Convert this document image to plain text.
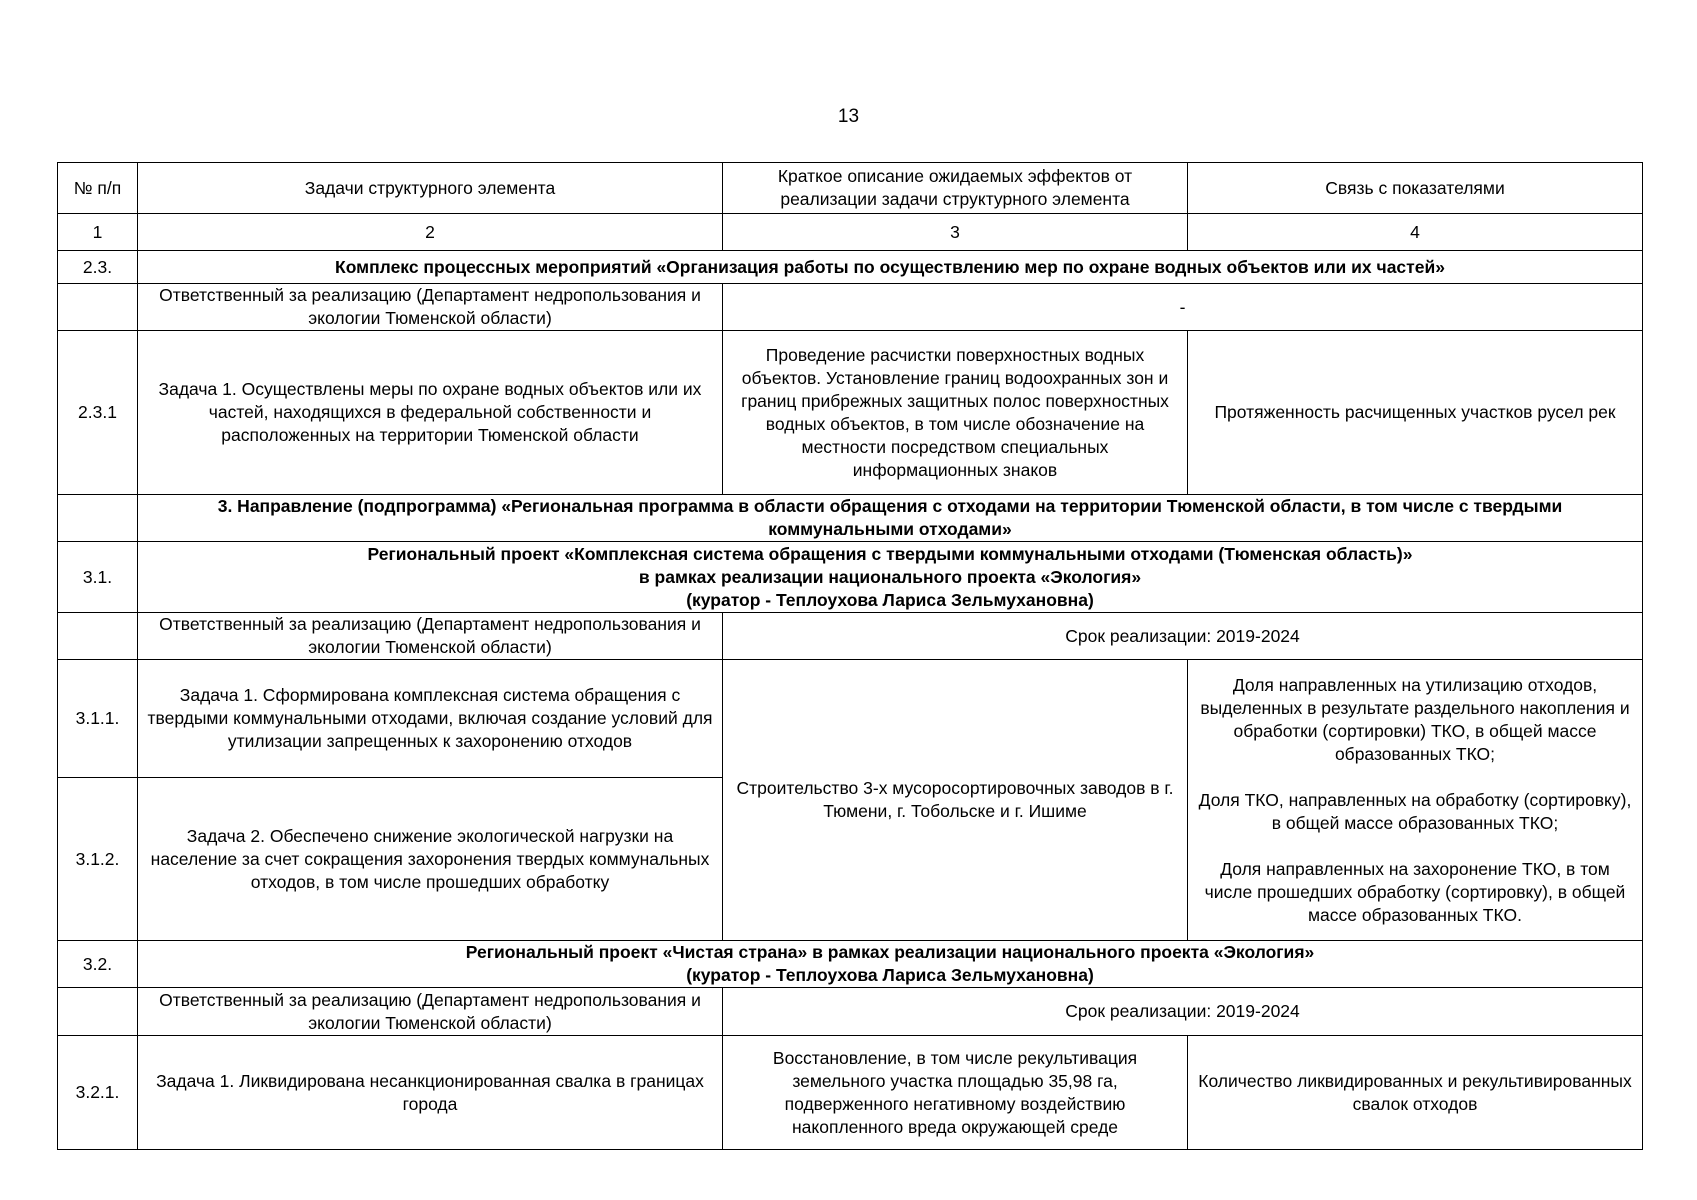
13
№ п/п	Задачи структурного элемента	Краткое описание ожидаемых эффектов от реализации задачи структурного элемента	Связь с показателями
1	2	3	4
2.3.	Комплекс процессных мероприятий «Организация работы по осуществлению мер по охране водных объектов или их частей»		
	Ответственный за реализацию (Департамент недропользования и экологии Тюменской области)	-	
2.3.1	Задача 1. Осуществлены меры по охране водных объектов или их частей, находящихся в федеральной собственности и расположенных на территории Тюменской области	Проведение расчистки поверхностных водных объектов. Установление границ водоохранных зон и границ прибрежных защитных полос поверхностных водных объектов, в том числе обозначение на местности посредством специальных информационных знаков	Протяженность расчищенных участков русел рек
	3. Направление (подпрограмма) «Региональная программа в области обращения с отходами на территории Тюменской области, в том числе с твердыми коммунальными отходами»		
3.1.	Региональный проект «Комплексная система обращения с твердыми коммунальными отходами (Тюменская область)»
в рамках реализации национального проекта «Экология»
(куратор - Теплоухова Лариса Зельмухановна)		

	Ответственный за реализацию (Департамент недропользования и экологии Тюменской области)	Срок реализации: 2019-2024	
3.1.1.	Задача 1. Сформирована комплексная система обращения с твердыми коммунальными отходами, включая создание условий для утилизации запрещенных к захоронению отходов	Строительство 3-х мусоросортировочных заводов в г. Тюмени, г. Тобольске и г. Ишиме	Доля направленных на утилизацию отходов, выделенных в результате раздельного накопления и обработки (сортировки) ТКО, в общей массе образованных ТКО;
Доля ТКО, направленных на обработку (сортировку), в общей массе образованных ТКО;
Доля направленных на захоронение ТКО, в том числе прошедших обработку (сортировку), в общей массе образованных ТКО.

3.1.2.	Задача 2. Обеспечено снижение экологической нагрузки на население за счет сокращения захоронения твердых коммунальных отходов, в том числе прошедших обработку		
3.2.	Региональный проект «Чистая страна» в рамках реализации национального проекта «Экология»
(куратор - Теплоухова Лариса Зельмухановна)		

	Ответственный за реализацию (Департамент недропользования и экологии Тюменской области)	Срок реализации: 2019-2024	
3.2.1.	Задача 1. Ликвидирована несанкционированная свалка в границах города	Восстановление, в том числе рекультивация земельного участка площадью 35,98 га, подверженного негативному воздействию накопленного вреда окружающей среде	Количество ликвидированных и рекультивированных свалок отходов
